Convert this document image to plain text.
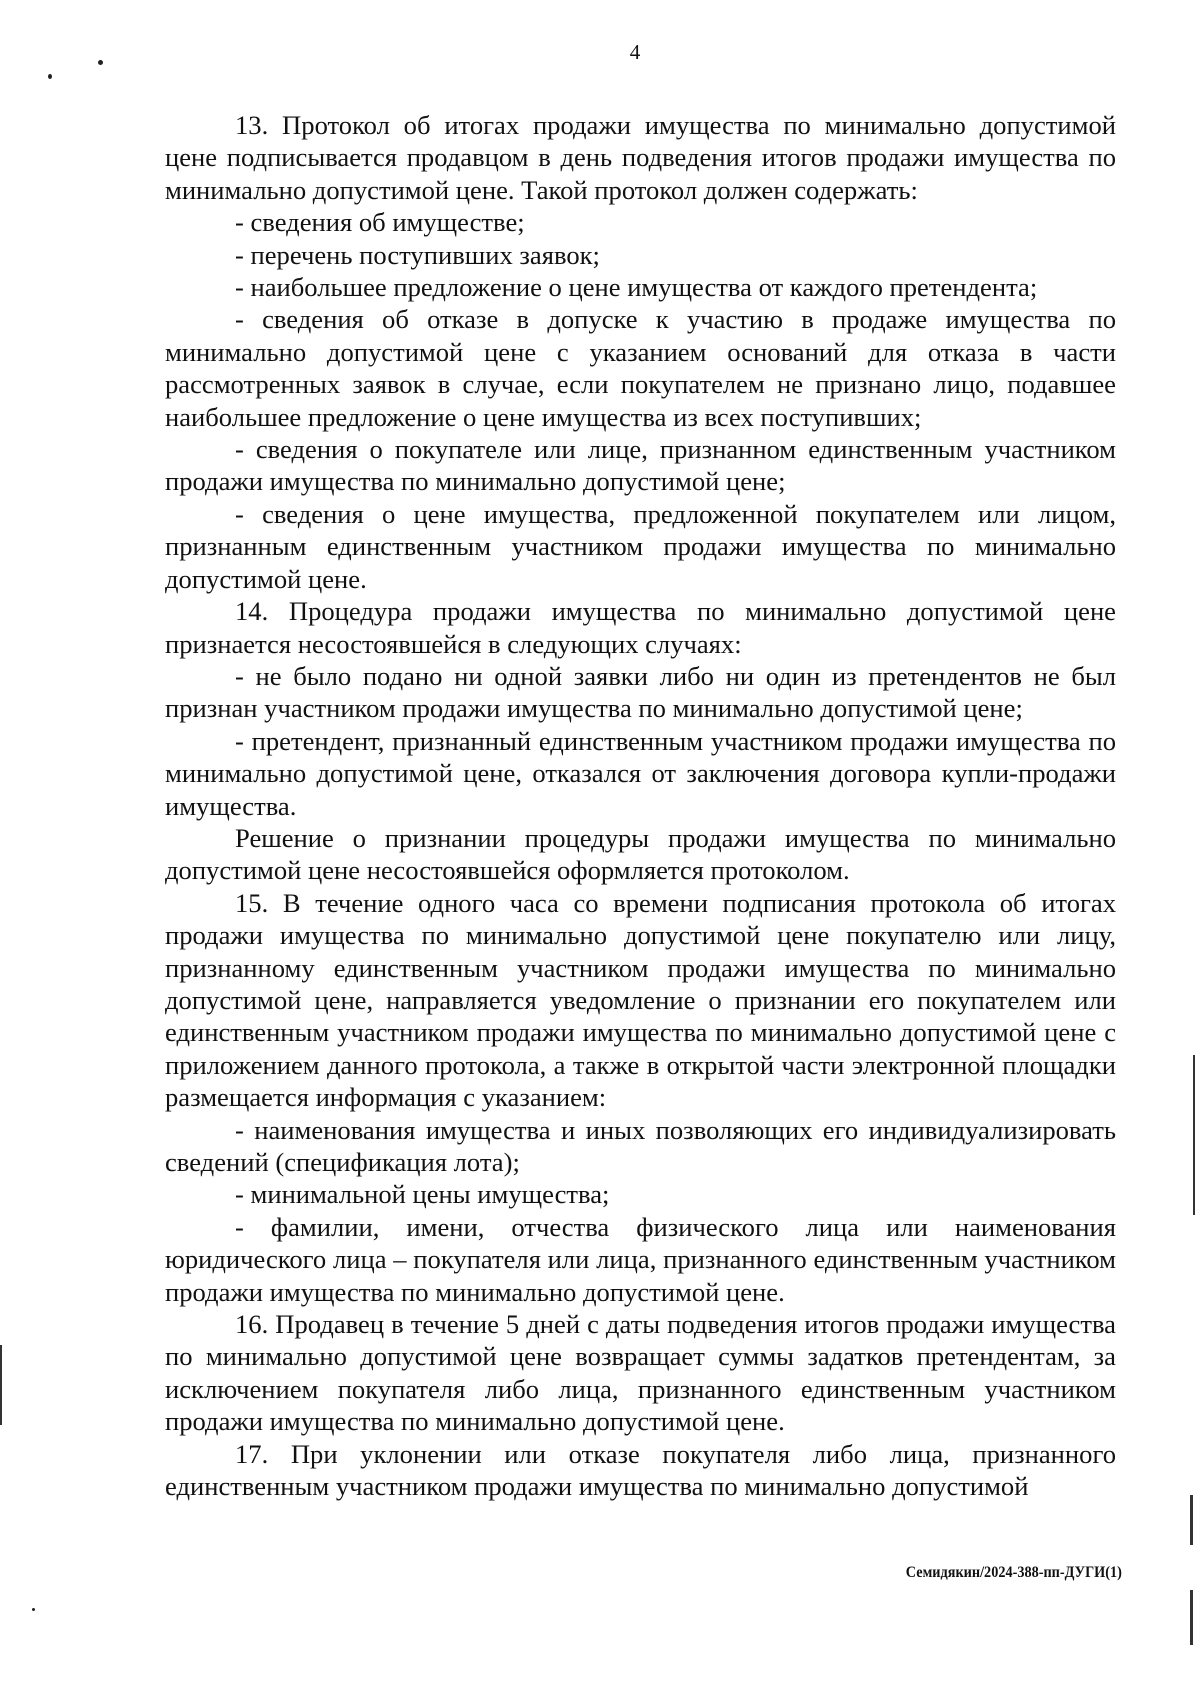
4

13. Протокол об итогах продажи имущества по минимально допустимой цене подписывается продавцом в день подведения итогов продажи имущества по минимально допустимой цене. Такой протокол должен содержать:

- сведения об имуществе;

- перечень поступивших заявок;

- наибольшее предложение о цене имущества от каждого претендента;

- сведения об отказе в допуске к участию в продаже имущества по минимально допустимой цене с указанием оснований для отказа в части рассмотренных заявок в случае, если покупателем не признано лицо, подавшее наибольшее предложение о цене имущества из всех поступивших;

- сведения о покупателе или лице, признанном единственным участником продажи имущества по минимально допустимой цене;

- сведения о цене имущества, предложенной покупателем или лицом, признанным единственным участником продажи имущества по минимально допустимой цене.

14. Процедура продажи имущества по минимально допустимой цене признается несостоявшейся в следующих случаях:

- не было подано ни одной заявки либо ни один из претендентов не был признан участником продажи имущества по минимально допустимой цене;

- претендент, признанный единственным участником продажи имущества по минимально допустимой цене, отказался от заключения договора купли-продажи имущества.

Решение о признании процедуры продажи имущества по минимально допустимой цене несостоявшейся оформляется протоколом.

15. В течение одного часа со времени подписания протокола об итогах продажи имущества по минимально допустимой цене покупателю или лицу, признанному единственным участником продажи имущества по минимально допустимой цене, направляется уведомление о признании его покупателем или единственным участником продажи имущества по минимально допустимой цене с приложением данного протокола, а также в открытой части электронной площадки размещается информация с указанием:

- наименования имущества и иных позволяющих его индивидуализировать сведений (спецификация лота);

- минимальной цены имущества;

- фамилии, имени, отчества физического лица или наименования юридического лица – покупателя или лица, признанного единственным участником продажи имущества по минимально допустимой цене.

16. Продавец в течение 5 дней с даты подведения итогов продажи имущества по минимально допустимой цене возвращает суммы задатков претендентам, за исключением покупателя либо лица, признанного единственным участником продажи имущества по минимально допустимой цене.

17. При уклонении или отказе покупателя либо лица, признанного единственным участником продажи имущества по минимально допустимой

Семидякин/2024-388-пп-ДУГИ(1)
